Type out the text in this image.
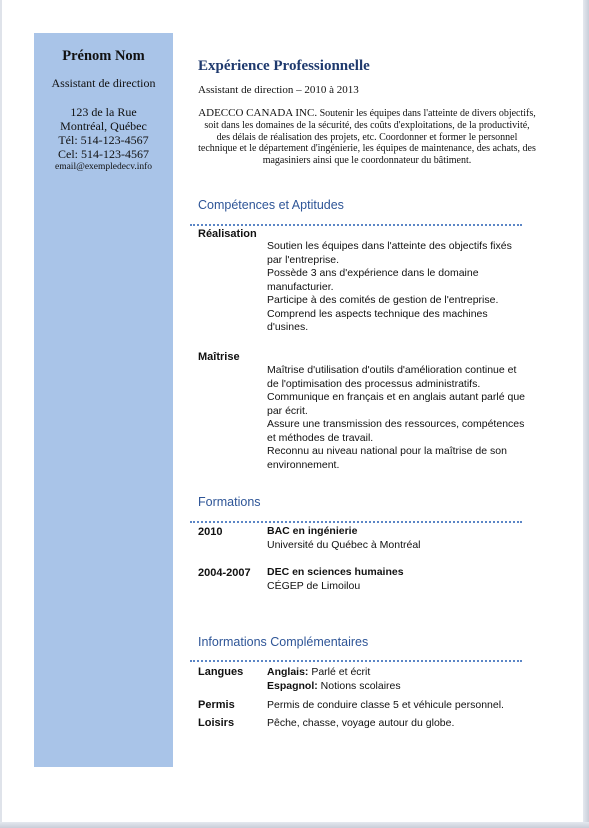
Prénom Nom
Assistant de direction
123 de la Rue
Montréal, Québec
Tél: 514-123-4567
Cel: 514-123-4567
email@exempledecv.info
Expérience Professionnelle
Assistant de direction – 2010 à 2013
ADECCO CANADA INC. Soutenir les équipes dans l'atteinte de divers objectifs, soit dans les domaines de la sécurité, des coûts d'exploitations, de la productivité, des délais de réalisation des projets, etc. Coordonner et former le personnel technique et le département d'ingénierie, les équipes de maintenance, des achats, des magasiniers ainsi que le coordonnateur du bâtiment.
Compétences et Aptitudes
Réalisation
Soutien les équipes dans l'atteinte des objectifs fixés par l'entreprise.
Possède 3 ans d'expérience dans le domaine manufacturier.
Participe à des comités de gestion de l'entreprise.
Comprend les aspects technique des machines d'usines.
Maîtrise
Maîtrise d'utilisation d'outils d'amélioration continue et de l'optimisation des processus administratifs.
Communique en français et en anglais autant parlé que par écrit.
Assure une transmission des ressources, compétences et méthodes de travail.
Reconnu au niveau national pour la maîtrise de son environnement.
Formations
2010	BAC en ingénierie
Université du Québec à Montréal
2004-2007 DEC en sciences humaines
CÉGEP de Limoilou
Informations Complémentaires
Langues Anglais: Parlé et écrit
Espagnol: Notions scolaires
Permis	Permis de conduire classe 5 et véhicule personnel.
Loisirs	Pêche, chasse, voyage autour du globe.
